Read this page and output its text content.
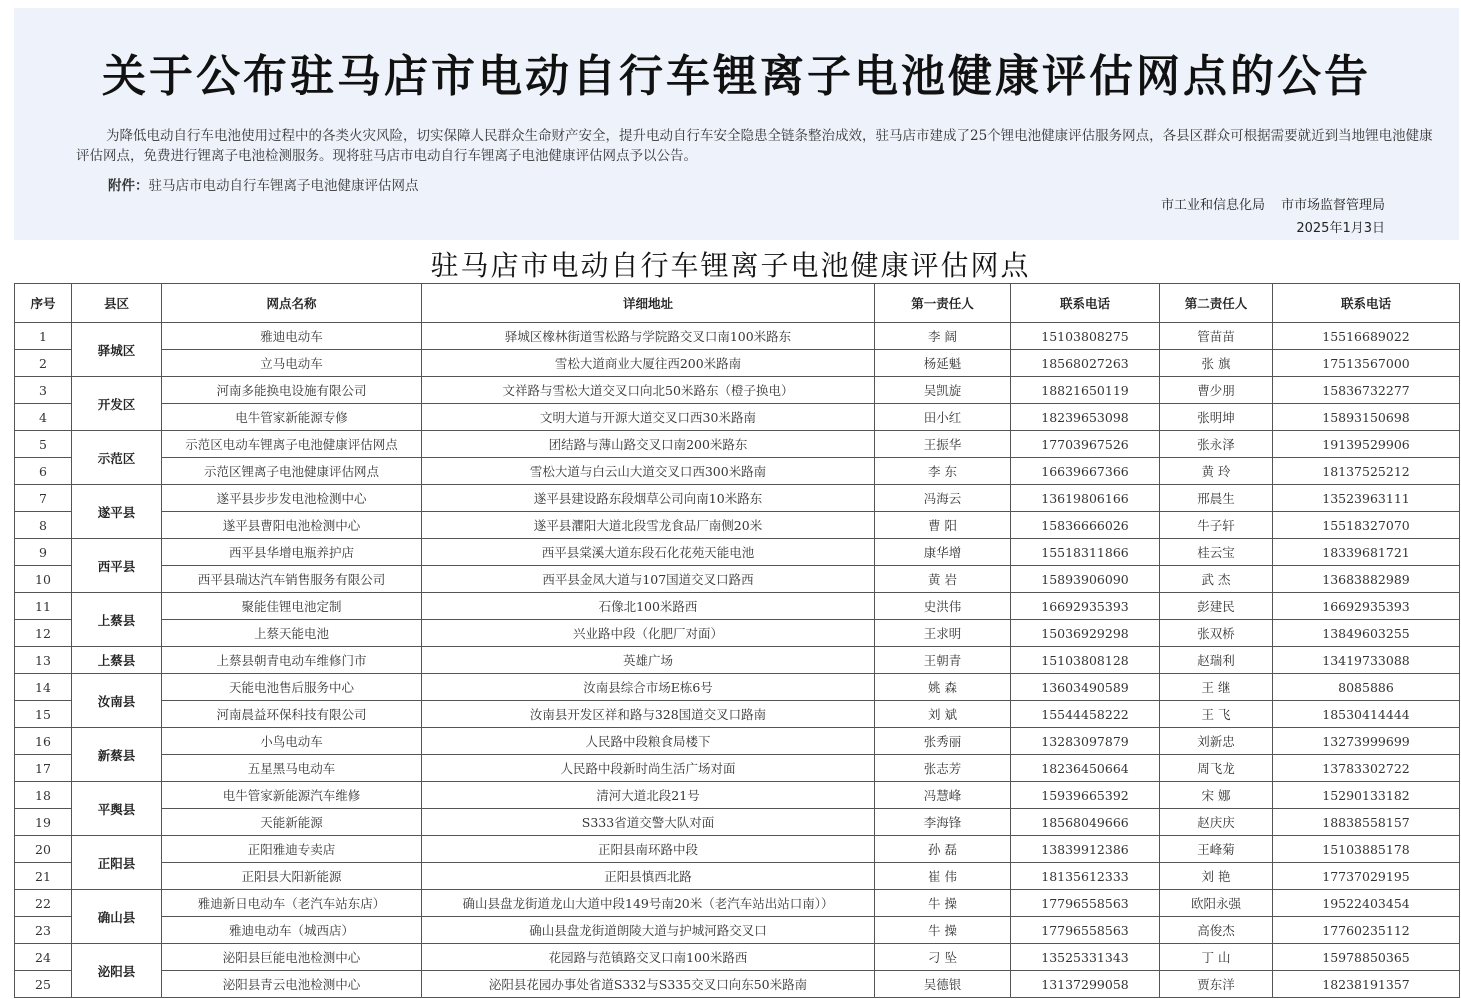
关于公布驻马店市电动自行车锂离子电池健康评估网点的公告

为降低电动自行车电池使用过程中的各类火灾风险，切实保障人民群众生命财产安全，提升电动自行车安全隐患全链条整治成效，驻马店市建成了25个锂电池健康评估服务网点，各县区群众可根据需要就近到当地锂电池健康评估网点，免费进行锂离子电池检测服务。现将驻马店市电动自行车锂离子电池健康评估网点予以公告。

附件：驻马店市电动自行车锂离子电池健康评估网点
市工业和信息化局 市市场监督管理局
2025年1月3日
驻马店市电动自行车锂离子电池健康评估网点
序号	县区	网点名称	详细地址	第一责任人	联系电话	第二责任人	联系电话
1	驿城区	雅迪电动车	驿城区橡林街道雪松路与学院路交叉口南100米路东	李 阔	15103808275	管苗苗	15516689022
2		立马电动车	雪松大道商业大厦往西200米路南	杨延魁	18568027263	张 旗	17513567000
3	开发区	河南多能换电设施有限公司	文祥路与雪松大道交叉口向北50米路东（橙子换电）	吴凯旋	18821650119	曹少朋	15836732277
4		电牛管家新能源专修	文明大道与开源大道交叉口西30米路南	田小红	18239653098	张明坤	15893150698
5	示范区	示范区电动车锂离子电池健康评估网点	团结路与薄山路交叉口南200米路东	王振华	17703967526	张永泽	19139529906
6		示范区锂离子电池健康评估网点	雪松大道与白云山大道交叉口西300米路南	李 东	16639667366	黄 玲	18137525212
7	遂平县	遂平县步步发电池检测中心	遂平县建设路东段烟草公司向南10米路东	冯海云	13619806166	邢晨生	13523963111
8		遂平县曹阳电池检测中心	遂平县灈阳大道北段雪龙食品厂南侧20米	曹 阳	15836666026	牛子轩	15518327070
9	西平县	西平县华增电瓶养护店	西平县棠溪大道东段石化花苑天能电池	康华增	15518311866	桂云宝	18339681721
10		西平县瑞达汽车销售服务有限公司	西平县金凤大道与107国道交叉口路西	黄 岩	15893906090	武 杰	13683882989
11	上蔡县	聚能佳锂电池定制	石像北100米路西	史洪伟	16692935393	彭建民	16692935393
12		上蔡天能电池	兴业路中段（化肥厂对面）	王求明	15036929298	张双桥	13849603255
13	上蔡县	上蔡县朝青电动车维修门市	英雄广场	王朝青	15103808128	赵瑞利	13419733088
14	汝南县	天能电池售后服务中心	汝南县综合市场E栋6号	姚 森	13603490589	王 继	8085886
15		河南晨益环保科技有限公司	汝南县开发区祥和路与328国道交叉口路南	刘 斌	15544458222	王 飞	18530414444
16	新蔡县	小鸟电动车	人民路中段粮食局楼下	张秀丽	13283097879	刘新忠	13273999699
17		五星黑马电动车	人民路中段新时尚生活广场对面	张志芳	18236450664	周飞龙	13783302722
18	平舆县	电牛管家新能源汽车维修	清河大道北段21号	冯慧峰	15939665392	宋 娜	15290133182
19		天能新能源	S333省道交警大队对面	李海锋	18568049666	赵庆庆	18838558157
20	正阳县	正阳雅迪专卖店	正阳县南环路中段	孙 磊	13839912386	王峰菊	15103885178
21		正阳县大阳新能源	正阳县慎西北路	崔 伟	18135612333	刘 艳	17737029195
22	确山县	雅迪新日电动车（老汽车站东店）	确山县盘龙街道龙山大道中段149号南20米（老汽车站出站口南））	牛 操	17796558563	欧阳永强	19522403454
23		雅迪电动车（城西店）	确山县盘龙街道朗陵大道与护城河路交叉口	牛 操	17796558563	高俊杰	17760235112
24	泌阳县	泌阳县巨能电池检测中心	花园路与范镇路交叉口南100米路西	刁 坠	13525331343	丁 山	15978850365
25		泌阳县青云电池检测中心	泌阳县花园办事处省道S332与S335交叉口向东50米路南	吴德银	13137299058	贾东洋	18238191357
